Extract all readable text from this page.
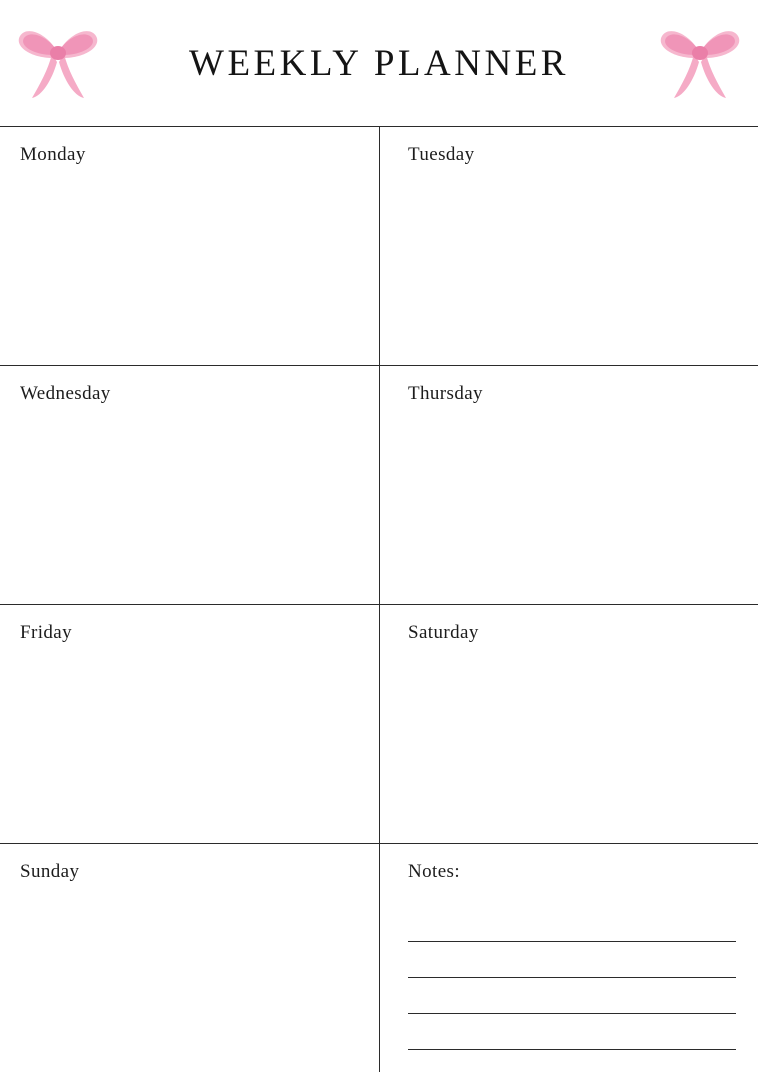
WEEKLY PLANNER
Monday	Tuesday
Wednesday	Thursday
Friday	Saturday
Sunday	Notes:
